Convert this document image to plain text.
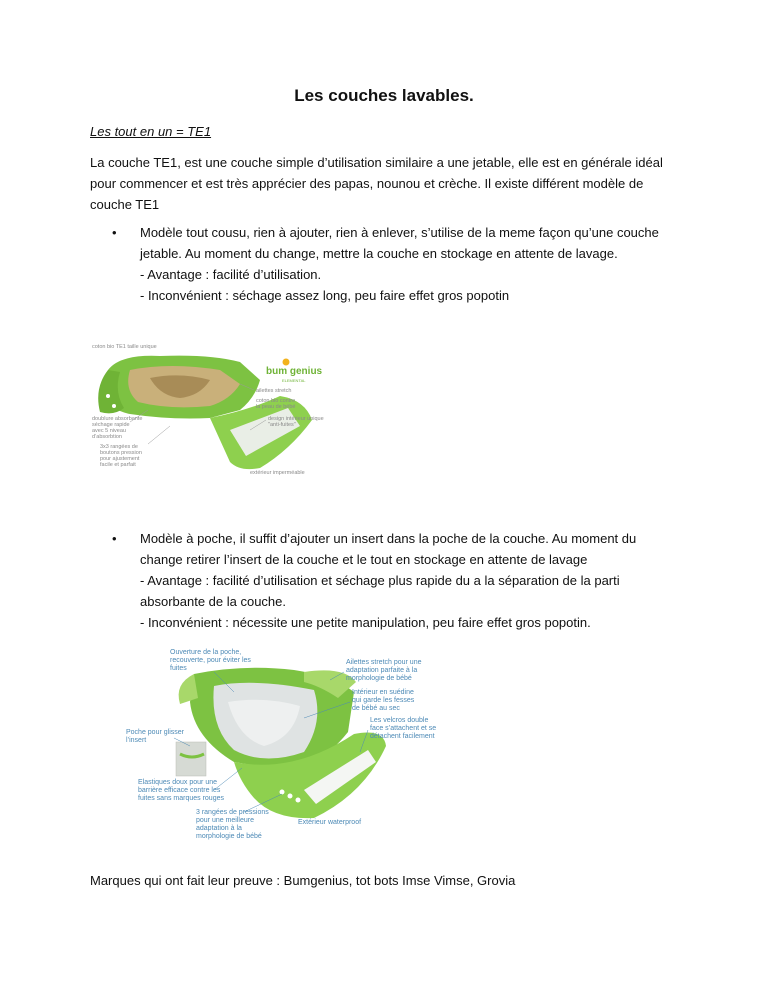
Les couches lavables.

Les tout en un = TE1

La couche TE1, est une couche simple d’utilisation similaire a une jetable, elle est en générale idéal
pour commencer et est très apprécier des papas, nounou et crèche. Il existe différent modèle de
couche TE1
• Modèle tout cousu, rien à ajouter, rien à enlever, s’utilise de la meme façon qu’une couche
jetable. Au moment du change, mettre la couche en stockage en attente de lavage.
- Avantage : facilité d’utilisation.
- Inconvénient : séchage assez long, peu faire effet gros popotin
bum genius
ELEMENTAL
coton bio TE1 taille unique
ailettes stretch
coton bio contre
la peau de bébé
doublure absorbante
séchage rapide
avec 5 niveau
d’absorbtion
design intérieur unique
"anti-fuites"
3x3 rangées de
boutons pression
pour ajustement
facile et parfait
extérieur imperméable
• Modèle à poche, il suffit d’ajouter un insert dans la poche de la couche. Au moment du
change retirer l’insert de la couche et le tout en stockage en attente de lavage
- Avantage : facilité d’utilisation et séchage plus rapide du a la séparation de la parti
absorbante de la couche.
- Inconvénient : nécessite une petite manipulation, peu faire effet gros popotin.
Ouverture de la poche,
recouverte, pour éviter les
fuites
Ailettes stretch pour une
adaptation parfaite à la
morphologie de bébé
Intérieur en suédine
qui garde les fesses
de bébé au sec
Poche pour glisser
l’insert
Les velcros double
face s’attachent et se
détachent facilement
Elastiques doux pour une
barrière efficace contre les
fuites sans marques rouges
3 rangées de pressions
pour une meilleure
adaptation à la
morphologie de bébé
Extérieur waterproof

Marques qui ont fait leur preuve : Bumgenius, tot bots Imse Vimse, Grovia
